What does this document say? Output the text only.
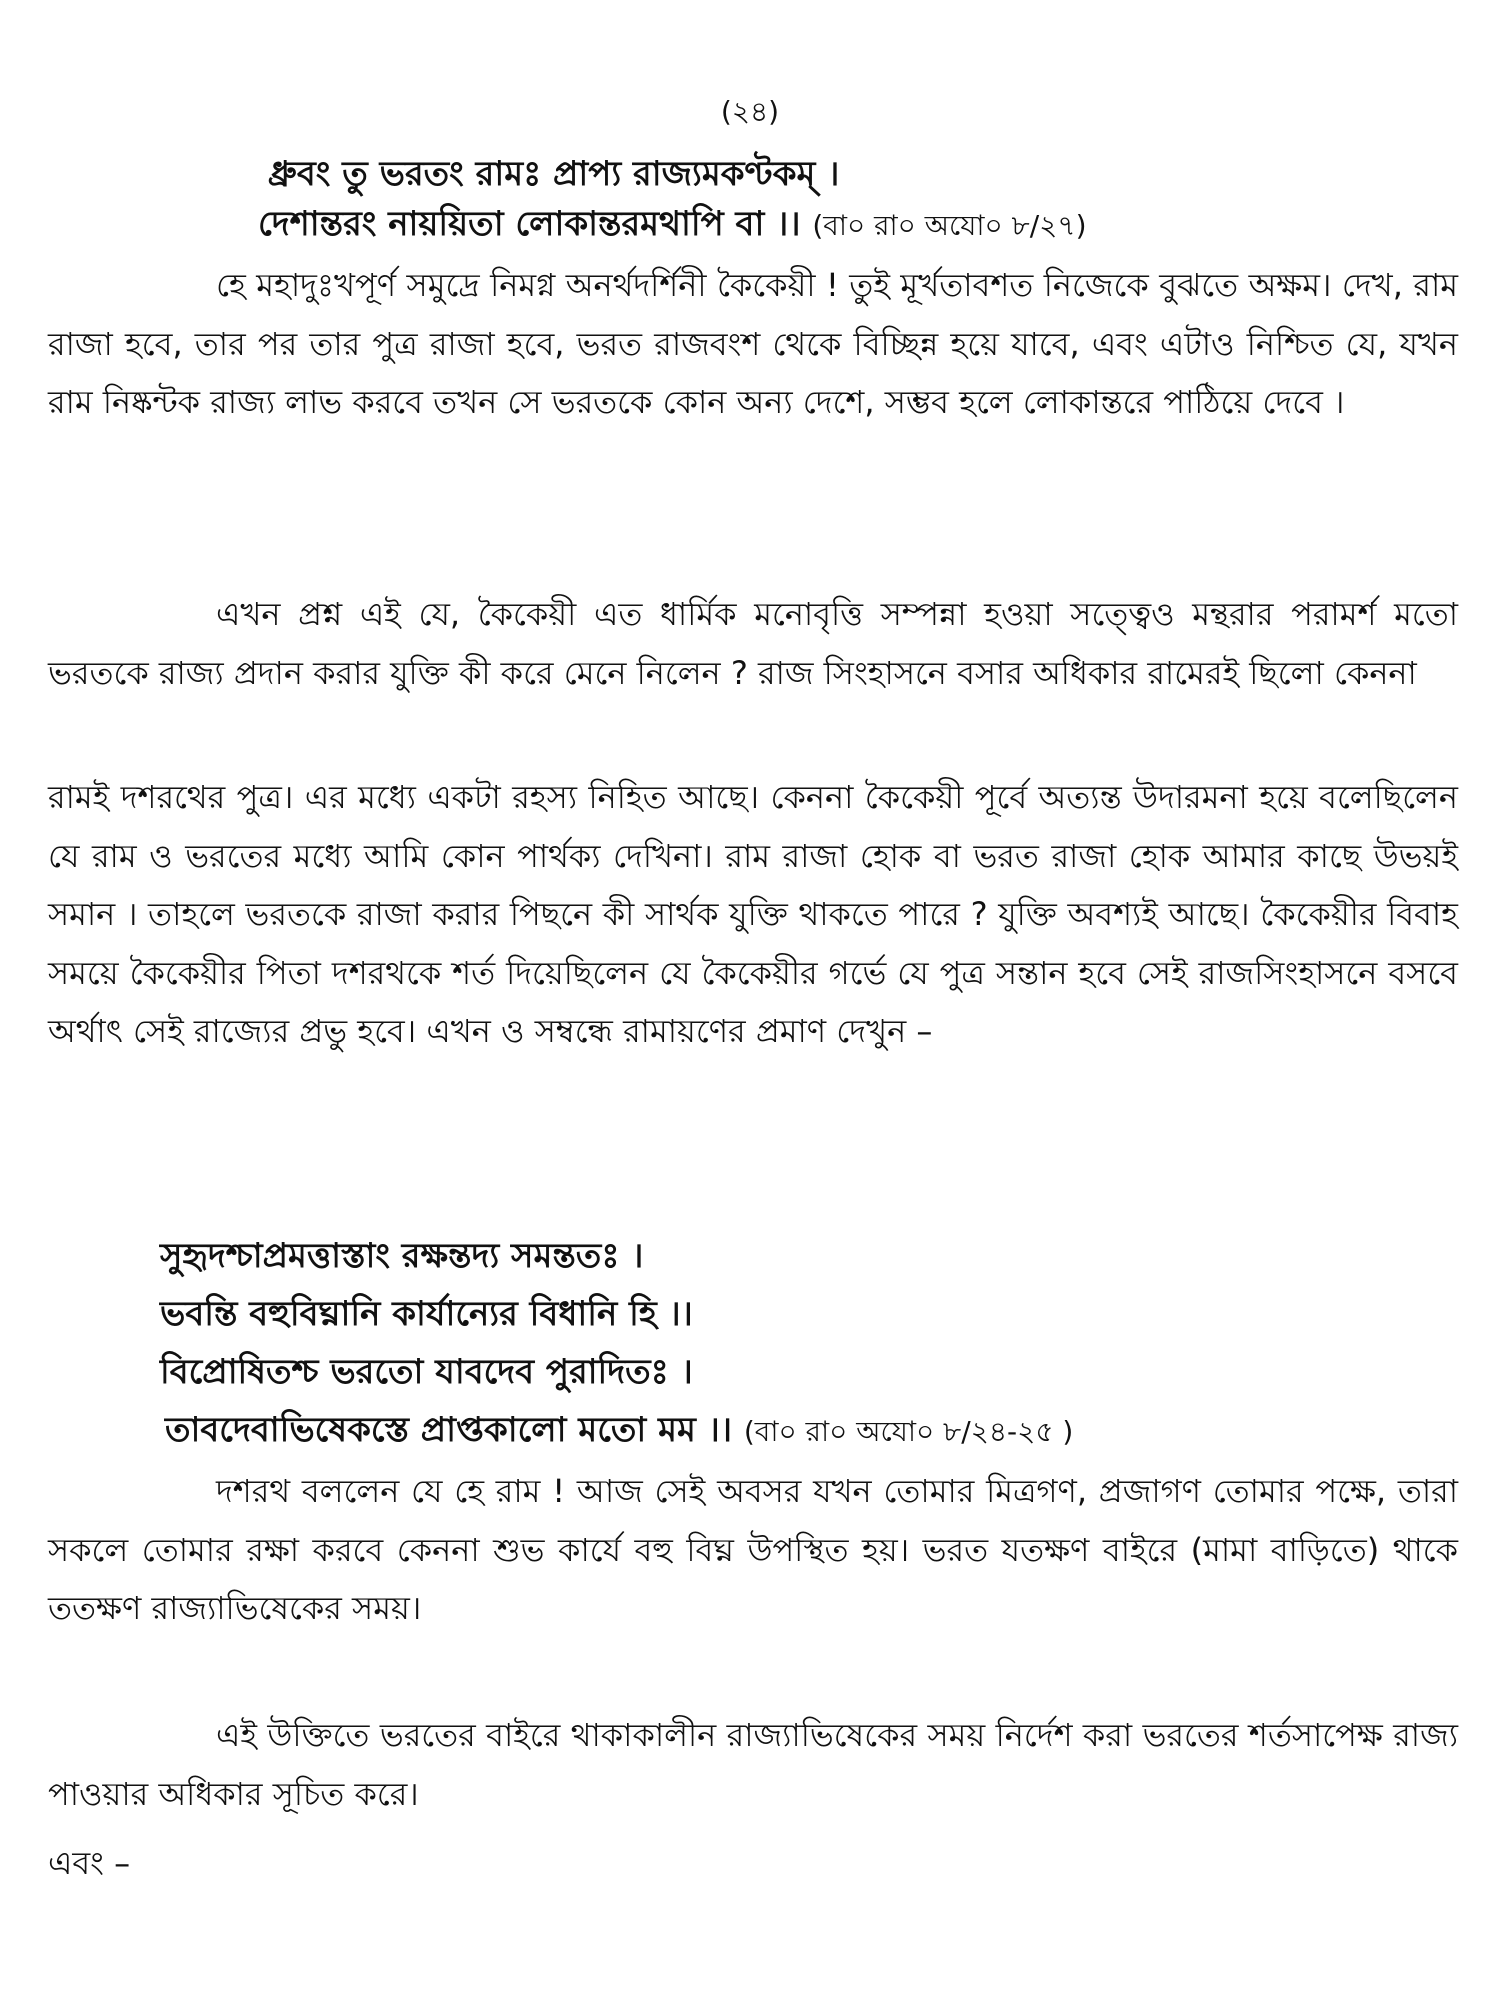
(২৪)
ধ্রুবং তু ভরতং রামঃ প্রাপ্য রাজ্যমকণ্টকম্ ।
দেশান্তরং নায়য়িতা লোকান্তরমথাপি বা ।। (বা০ রা০ অযো০ ৮/২৭)

হে মহাদুঃখপূর্ণ সমুদ্রে নিমগ্ন অনর্থদর্শিনী কৈকেয়ী ! তুই মূর্খতাবশত নিজেকে বুঝতে অক্ষম। দেখ, রাম রাজা হবে, তার পর তার পুত্র রাজা হবে, ভরত রাজবংশ থেকে বিচ্ছিন্ন হয়ে যাবে, এবং এটাও নিশ্চিত যে, যখন রাম নিষ্কন্টক রাজ্য লাভ করবে তখন সে ভরতকে কোন অন্য দেশে, সম্ভব হলে লোকান্তরে পাঠিয়ে দেবে ।

এখন প্রশ্ন এই যে, কৈকেয়ী এত ধার্মিক মনোবৃত্তি সম্পন্না হওয়া সত্ত্বেও মন্থরার পরামর্শ মতো ভরতকে রাজ্য প্রদান করার যুক্তি কী করে মেনে নিলেন ? রাজ সিংহাসনে বসার অধিকার রামেরই ছিলো কেননা

রামই দশরথের পুত্র। এর মধ্যে একটা রহস্য নিহিত আছে। কেননা কৈকেয়ী পূর্বে অত্যন্ত উদারমনা হয়ে বলেছিলেন যে রাম ও ভরতের মধ্যে আমি কোন পার্থক্য দেখিনা। রাম রাজা হোক বা ভরত রাজা হোক আমার কাছে উভয়ই সমান । তাহলে ভরতকে রাজা করার পিছনে কী সার্থক যুক্তি থাকতে পারে ? যুক্তি অবশ্যই আছে। কৈকেয়ীর বিবাহ সময়ে কৈকেয়ীর পিতা দশরথকে শর্ত দিয়েছিলেন যে কৈকেয়ীর গর্ভে যে পুত্র সন্তান হবে সেই রাজসিংহাসনে বসবে অর্থাৎ সেই রাজ্যের প্রভু হবে। এখন ও সম্বন্ধে রামায়ণের প্রমাণ দেখুন –

সুহৃদশ্চাপ্রমত্তাস্তাং রক্ষন্তদ্য সমন্ততঃ ।
ভবন্তি বহুবিঘ্নানি কার্যান্যের বিধানি হি ।।
বিপ্রোষিতশ্চ ভরতো যাবদেব পুরাদিতঃ ।
তাবদেবাভিষেকস্তে প্রাপ্তকালো মতো মম ।। (বা০ রা০ অযো০ ৮/২৪-২৫ )

দশরথ বললেন যে হে রাম ! আজ সেই অবসর যখন তোমার মিত্রগণ, প্রজাগণ তোমার পক্ষে, তারা সকলে তোমার রক্ষা করবে কেননা শুভ কার্যে বহু বিঘ্ন উপস্থিত হয়। ভরত যতক্ষণ বাইরে (মামা বাড়িতে) থাকে ততক্ষণ রাজ্যাভিষেকের সময়।

এই উক্তিতে ভরতের বাইরে থাকাকালীন রাজ্যাভিষেকের সময় নির্দেশ করা ভরতের শর্তসাপেক্ষ রাজ্য পাওয়ার অধিকার সূচিত করে।

এবং –
